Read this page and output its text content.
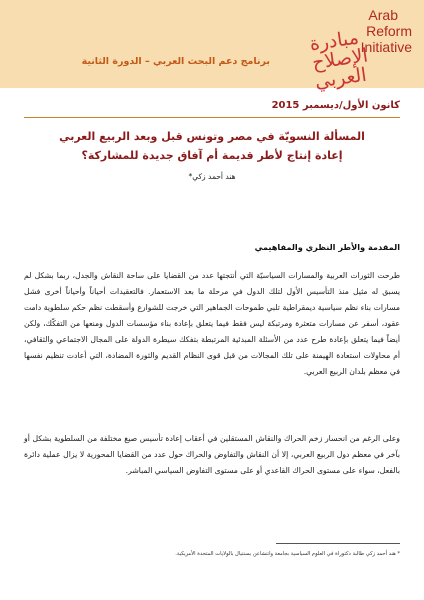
برنامج دعم البحث العربي – الدورة الثانية
مبادرة الإصلاح العربي
Arab
Reform
Initiative
كانون الأول/ديسمبر 2015
المسألة النسويّة في مصر وتونس قبل وبعد الربيع العربي
إعادة إنتاج لأطر قديمة أم آفاق جديدة للمشاركة؟
هند أحمد زكي*
المقدمة والأطر النظري والمفاهيمي
طرحت الثورات العربية والمسارات السياسيّة التي أنتجتها عدد من القضايا على ساحة النقاش والجدل، ربما بشكل لم يسبق له مثيل منذ التأسيس الأول لتلك الدول في مرحلة ما بعد الاستعمار. فالتعقيدات أحياناً وأحياناً أخرى فشل مسارات بناء نظم سياسية ديمقراطية تلبي طموحات الجماهير التي خرجت للشوارع وأسقطت نظم حكم سلطوية دامت عقود، أسفر عن مسارات متعثرة ومرتبكة ليس فقط فيما يتعلق بإعادة بناء مؤسسات الدول ومنعها من التفكّك، ولكن أيضاً فيما يتعلق بإعادة طرح عدد من الأسئلة المبدئية المرتبطة بتفكك سيطرة الدولة على المجال الاجتماعي والثقافي، أم محاولات استعادة الهيمنة على تلك المجالات من قبل قوى النظام القديم والثورة المضادة، التي أعادت تنظيم نفسها في معظم بلدان الربيع العربي.
وعلى الرغم من انحسار زخم الحراك والنقاش المستقلين في أعقاب إعادة تأسيس صيغ مختلفة من السلطوية بشكل أو بآخر في معظم دول الربيع العربي، إلا أن النقاش والتفاوض والحراك حول عدد من القضايا المحورية لا يزال عملية دائرة بالفعل، سواء على مستوى الحراك القاعدي أو على مستوى التفاوض السياسي المباشر.
* هند أحمد زكي طالبة دكتوراة في العلوم السياسية بجامعة وانتشاعن بسنتيال بالولايات المتحدة الأمريكية.
